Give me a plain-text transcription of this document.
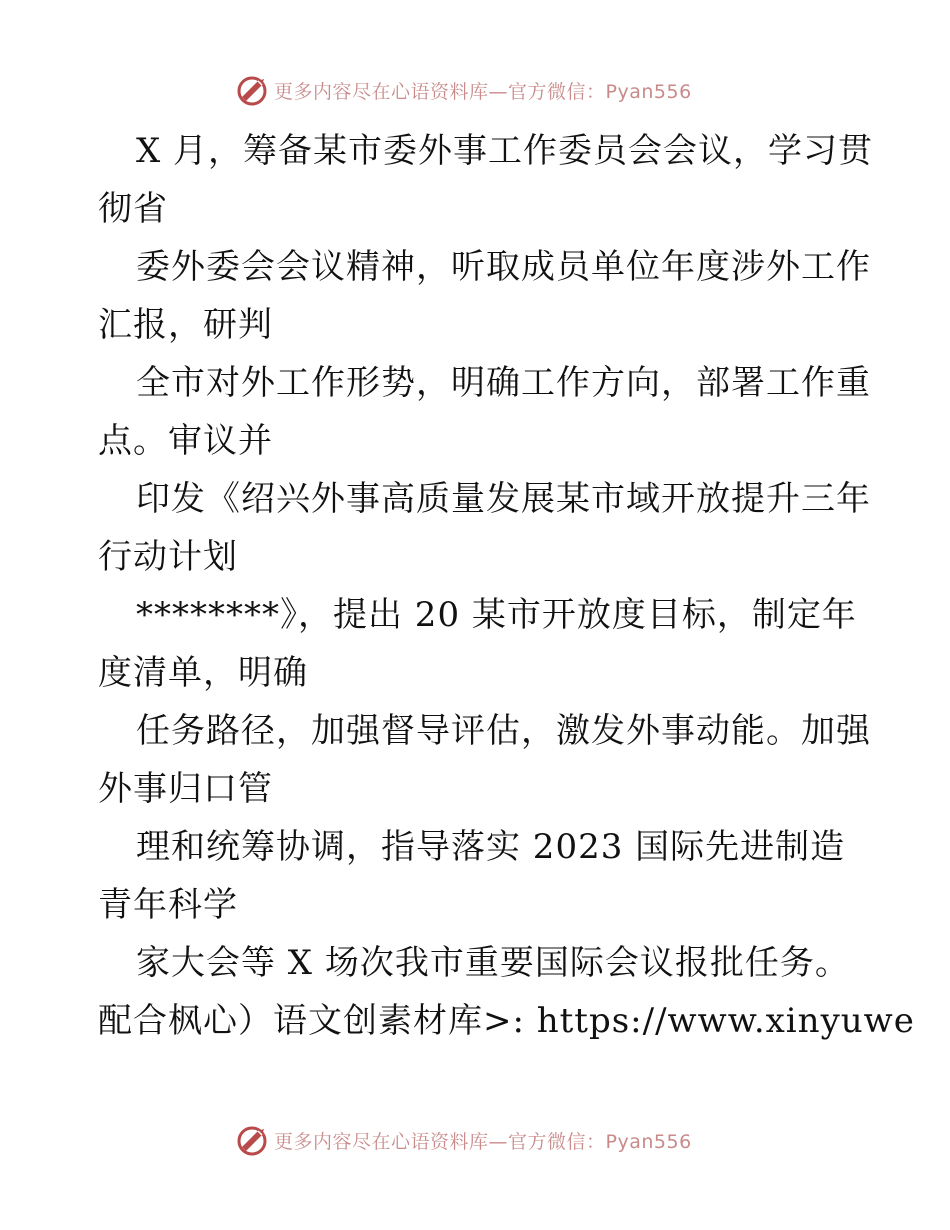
更多内容尽在心语资料库—官方微信：Pyan556
X 月，筹备某市委外事工作委员会会议，学习贯
彻省
委外委会会议精神，听取成员单位年度涉外工作
汇报，研判
全市对外工作形势，明确工作方向，部署工作重
点。审议并
印发《绍兴外事高质量发展某市域开放提升三年
行动计划
********》，提出 20 某市开放度目标，制定年
度清单，明确
任务路径，加强督导评估，激发外事动能。加强
外事归口管
理和统筹协调，指导落实 2023 国际先进制造
青年科学
家大会等 X 场次我市重要国际会议报批任务。
配合枫心）语文创素材库>: https://www.xinyuwe
更多内容尽在心语资料库—官方微信：Pyan556
